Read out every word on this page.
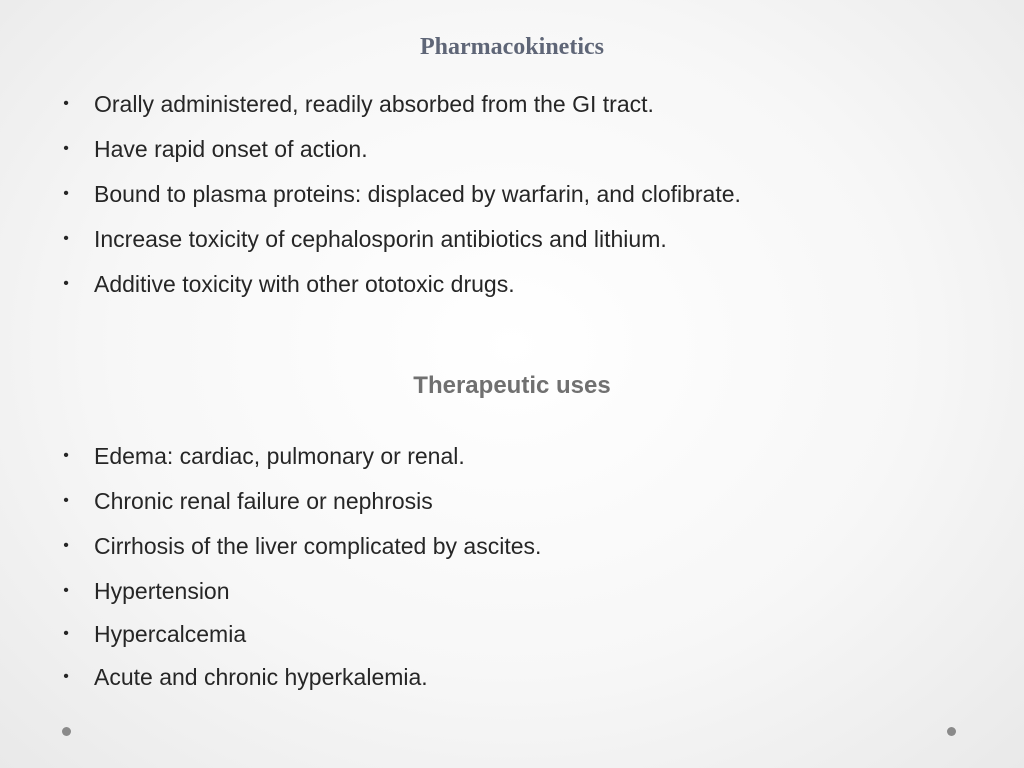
Pharmacokinetics
•	Orally administered, readily absorbed from the GI tract.
•	Have rapid onset of action.
•	Bound to plasma proteins: displaced by warfarin, and clofibrate.
•	Increase toxicity of cephalosporin antibiotics and lithium.
•	Additive toxicity with other ototoxic drugs.
Therapeutic uses
•	Edema: cardiac, pulmonary or renal.
•	Chronic renal failure or nephrosis
•	Cirrhosis of the liver complicated by ascites.
•	Hypertension
•	Hypercalcemia
•	Acute and chronic hyperkalemia.
